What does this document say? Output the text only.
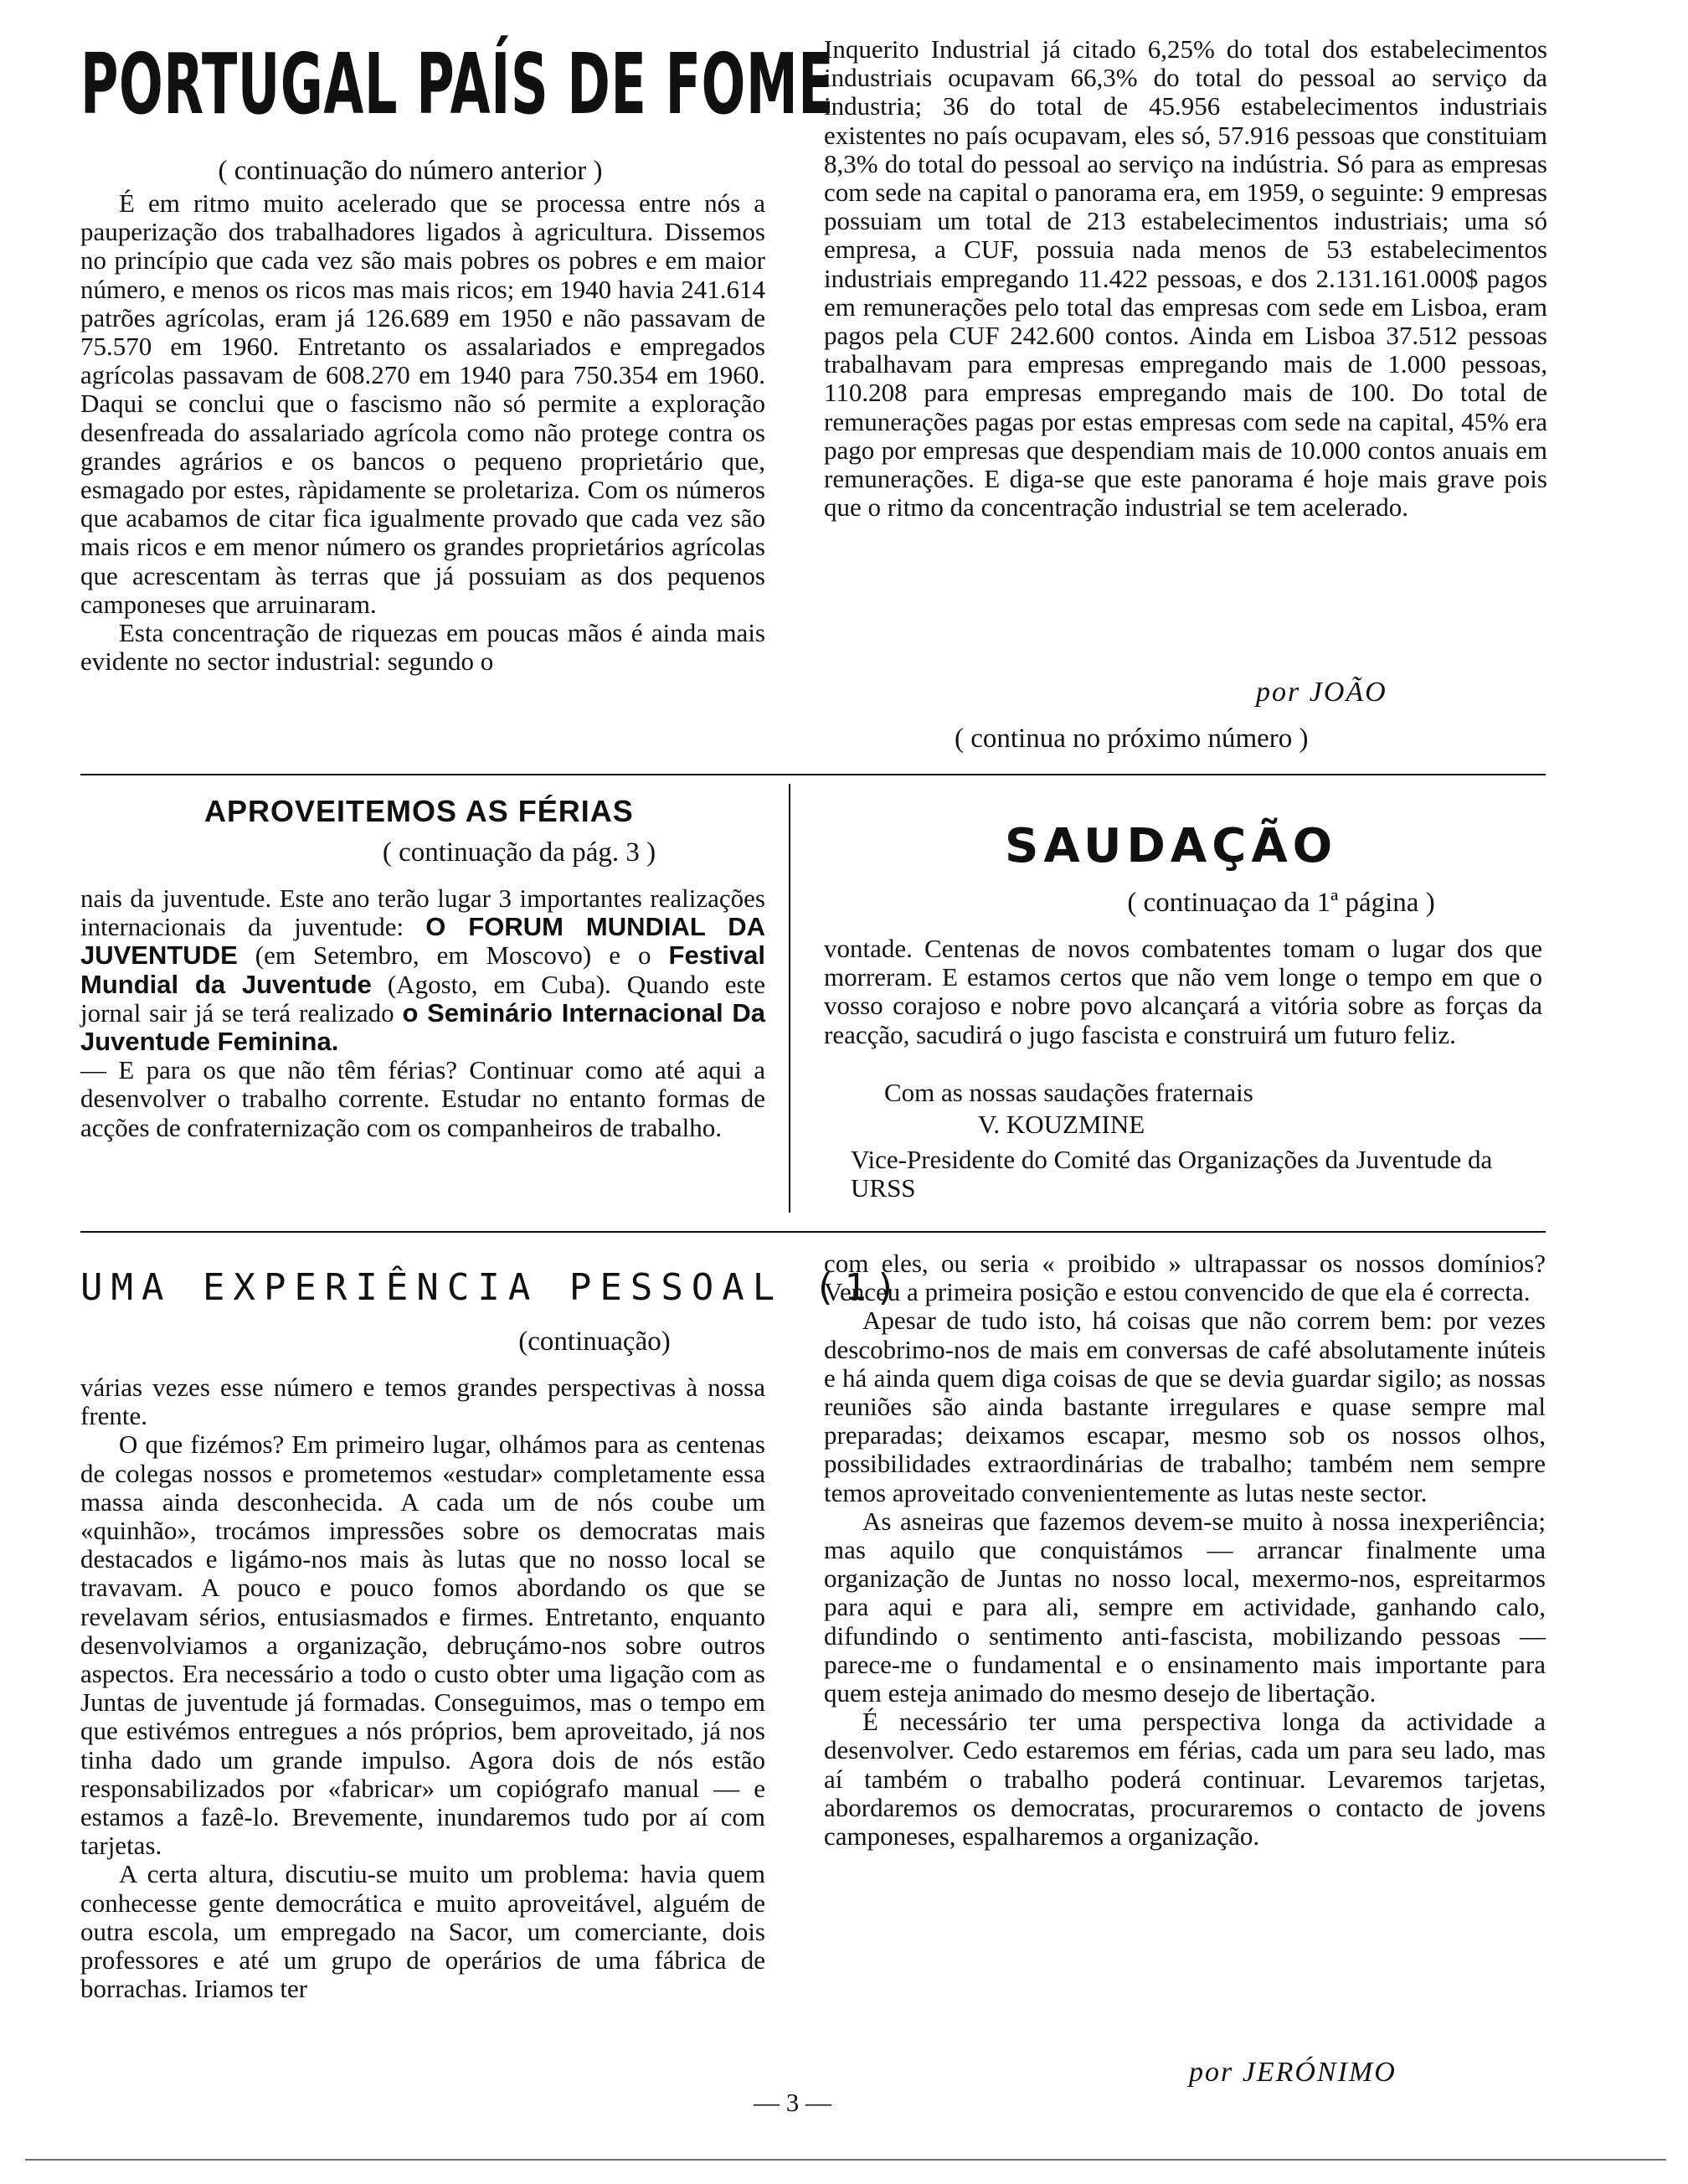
PORTUGAL PAÍS DE FOME
( continuação do número anterior )

É em ritmo muito acelerado que se processa entre nós a pauperização dos trabalhadores ligados à agricultura. Dissemos no princípio que cada vez são mais pobres os pobres e em maior número, e menos os ricos mas mais ricos; em 1940 havia 241.614 patrões agrícolas, eram já 126.689 em 1950 e não passavam de 75.570 em 1960. Entretanto os assalariados e empregados agrícolas passavam de 608.270 em 1940 para 750.354 em 1960. Daqui se conclui que o fascismo não só permite a exploração desenfreada do assalariado agrícola como não protege contra os grandes agrários e os bancos o pequeno proprietário que, esmagado por estes, ràpidamente se proletariza. Com os números que acabamos de citar fica igualmente provado que cada vez são mais ricos e em menor número os grandes proprietários agrícolas que acrescentam às terras que já possuiam as dos pequenos camponeses que arruinaram.

Esta concentração de riquezas em poucas mãos é ainda mais evidente no sector industrial: segundo o

Inquerito Industrial já citado 6,25% do total dos estabelecimentos industriais ocupavam 66,3% do total do pessoal ao serviço da industria; 36 do total de 45.956 estabelecimentos industriais existentes no país ocupavam, eles só, 57.916 pessoas que constituiam 8,3% do total do pessoal ao serviço na indústria. Só para as empresas com sede na capital o panorama era, em 1959, o seguinte: 9 empresas possuiam um total de 213 estabelecimentos industriais; uma só empresa, a CUF, possuia nada menos de 53 estabelecimentos industriais empregando 11.422 pessoas, e dos 2.131.161.000$ pagos em remunerações pelo total das empresas com sede em Lisboa, eram pagos pela CUF 242.600 contos. Ainda em Lisboa 37.512 pessoas trabalhavam para empresas empregando mais de 1.000 pessoas, 110.208 para empresas empregando mais de 100. Do total de remunerações pagas por estas empresas com sede na capital, 45% era pago por empresas que despendiam mais de 10.000 contos anuais em remunerações. E diga-se que este panorama é hoje mais grave pois que o ritmo da concentração industrial se tem acelerado.

por JOÃO
( continua no próximo número )
APROVEITEMOS AS FÉRIAS
( continuação da pág. 3 )

nais da juventude. Este ano terão lugar 3 importantes realizações internacionais da juventude: O FORUM MUNDIAL DA JUVENTUDE (em Setembro, em Moscovo) e o Festival Mundial da Juventude (Agosto, em Cuba). Quando este jornal sair já se terá realizado o Seminário Internacional Da Juventude Feminina.

— E para os que não têm férias? Continuar como até aqui a desenvolver o trabalho corrente. Estudar no entanto formas de acções de confraternização com os companheiros de trabalho.

SAUDAÇÃO
( continuaçao da 1ª página )

vontade. Centenas de novos combatentes tomam o lugar dos que morreram. E estamos certos que não vem longe o tempo em que o vosso corajoso e nobre povo alcançará a vitória sobre as forças da reacção, sacudirá o jugo fascista e construirá um futuro feliz.

Com as nossas saudações fraternais
V. KOUZMINE

Vice-Presidente do Comité das Organizações da Juventude da URSS

UMA EXPERIÊNCIA PESSOAL (1)
(continuação)

várias vezes esse número e temos grandes perspectivas à nossa frente.

O que fizémos? Em primeiro lugar, olhámos para as centenas de colegas nossos e prometemos «estudar» completamente essa massa ainda desconhecida. A cada um de nós coube um «quinhão», trocámos impressões sobre os democratas mais destacados e ligámo-nos mais às lutas que no nosso local se travavam. A pouco e pouco fomos abordando os que se revelavam sérios, entusiasmados e firmes. Entretanto, enquanto desenvolviamos a organização, debruçámo-nos sobre outros aspectos. Era necessário a todo o custo obter uma ligação com as Juntas de juventude já formadas. Conseguimos, mas o tempo em que estivémos entregues a nós próprios, bem aproveitado, já nos tinha dado um grande impulso. Agora dois de nós estão responsabilizados por «fabricar» um copiógrafo manual — e estamos a fazê-lo. Brevemente, inundaremos tudo por aí com tarjetas.

A certa altura, discutiu-se muito um problema: havia quem conhecesse gente democrática e muito aproveitável, alguém de outra escola, um empregado na Sacor, um comerciante, dois professores e até um grupo de operários de uma fábrica de borrachas. Iriamos ter

com eles, ou seria « proibido » ultrapassar os nossos domínios? Venceu a primeira posição e estou convencido de que ela é correcta.

Apesar de tudo isto, há coisas que não correm bem: por vezes descobrimo-nos de mais em conversas de café absolutamente inúteis e há ainda quem diga coisas de que se devia guardar sigilo; as nossas reuniões são ainda bastante irregulares e quase sempre mal preparadas; deixamos escapar, mesmo sob os nossos olhos, possibilidades extraordinárias de trabalho; também nem sempre temos aproveitado convenientemente as lutas neste sector.

As asneiras que fazemos devem-se muito à nossa inexperiência; mas aquilo que conquistámos — arrancar finalmente uma organização de Juntas no nosso local, mexermo-nos, espreitarmos para aqui e para ali, sempre em actividade, ganhando calo, difundindo o sentimento anti-fascista, mobilizando pessoas — parece-me o fundamental e o ensinamento mais importante para quem esteja animado do mesmo desejo de libertação.

É necessário ter uma perspectiva longa da actividade a desenvolver. Cedo estaremos em férias, cada um para seu lado, mas aí também o trabalho poderá continuar. Levaremos tarjetas, abordaremos os democratas, procuraremos o contacto de jovens camponeses, espalharemos a organização.

por JERÓNIMO
— 3 —
